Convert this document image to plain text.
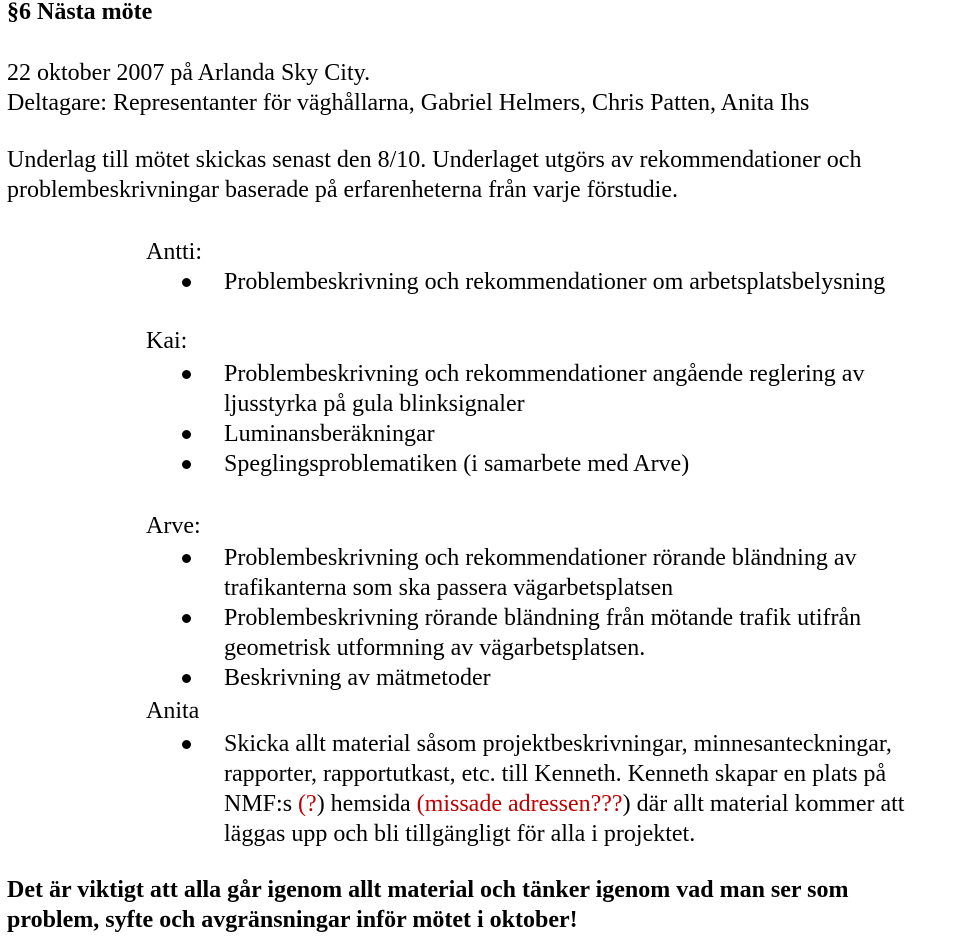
§6 Nästa möte
22 oktober 2007 på Arlanda Sky City.
Deltagare: Representanter för väghållarna, Gabriel Helmers, Chris Patten, Anita Ihs
Underlag till mötet skickas senast den 8/10. Underlaget utgörs av rekommendationer och
problembeskrivningar baserade på erfarenheterna från varje förstudie.
Antti:
Problembeskrivning och rekommendationer om arbetsplatsbelysning
Kai:
Problembeskrivning och rekommendationer angående reglering av
ljusstyrka på gula blinksignaler
Luminansberäkningar
Speglingsproblematiken (i samarbete med Arve)
Arve:
Problembeskrivning och rekommendationer rörande bländning av
trafikanterna som ska passera vägarbetsplatsen
Problembeskrivning rörande bländning från mötande trafik utifrån
geometrisk utformning av vägarbetsplatsen.
Beskrivning av mätmetoder
Anita
Skicka allt material såsom projektbeskrivningar, minnesanteckningar,
rapporter, rapportutkast, etc. till Kenneth. Kenneth skapar en plats på
NMF:s (?) hemsida (missade adressen???) där allt material kommer att
läggas upp och bli tillgängligt för alla i projektet.
Det är viktigt att alla går igenom allt material och tänker igenom vad man ser som
problem, syfte och avgränsningar inför mötet i oktober!
